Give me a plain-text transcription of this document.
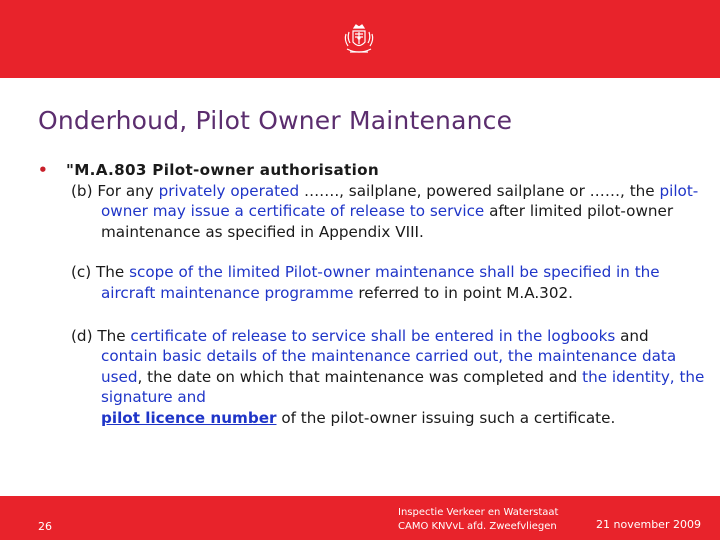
Onderhoud, Pilot Owner Maintenance
• "M.A.803 Pilot-owner authorisation
(b) For any privately operated ……., sailplane, powered sailplane or ……, the pilot-owner may issue a certificate of release to service after limited pilot-owner maintenance as specified in Appendix VIII.
(c) The scope of the limited Pilot-owner maintenance shall be specified in the aircraft maintenance programme referred to in point M.A.302.
(d) The certificate of release to service shall be entered in the logbooks and contain basic details of the maintenance carried out, the maintenance data used, the date on which that maintenance was completed and the identity, the signature and
pilot licence number of the pilot-owner issuing such a certificate.
26
Inspectie Verkeer en Waterstaat
CAMO KNVvL afd. Zweefvliegen	21 november 2009
